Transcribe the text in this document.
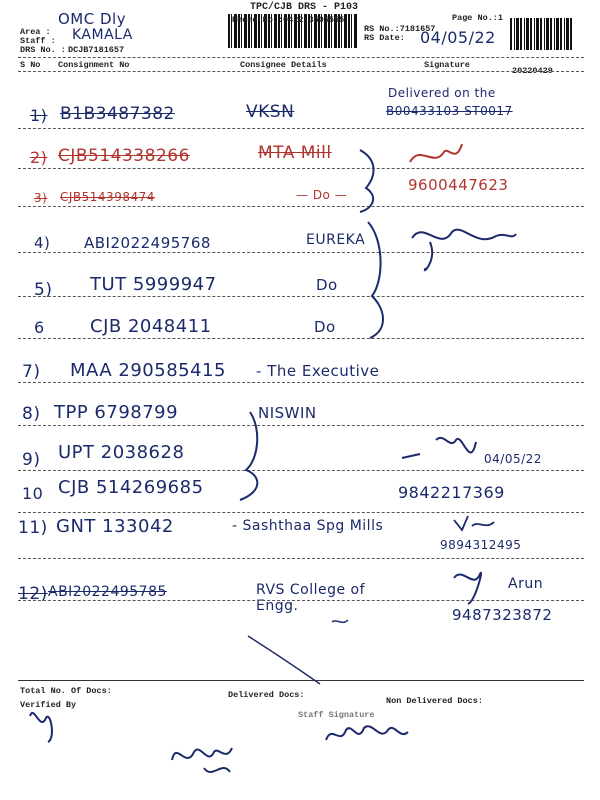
TPC/CJB DRS - P103
Phone No.:0422-3505555	Page No.:1
Area :
OMC Dly
Staff : KAMALA
DRS No. : DCJB7181657
RS No.:7181657
RS Date: 04/05/22
S No Consignment No	Consignee Details	Signature
20220429
1) B1B3487382	VKSN
Delivered on the
B00433103 ST0017
2) CJB514338266	MTA Mill
9600447623
3) CJB514398474	— Do —
4) ABI2022495768	EUREKA
5) TUT 5999947	Do
6	CJB 2048411	Do
7) MAA 290585415 - The Executive
8) TPP 6798799	NISWIN
9) UPT 2038628	04/05/22
10 CJB 514269685	9842217369
11) GNT 133042	- Sashthaa Spg Mills
9894312495
12) ABI2022495785	RVS College of Engg.
Arun
9487323872
Total No. Of Docs:	Delivered Docs:
Non Delivered Docs:
Verified By
Staff Signature
